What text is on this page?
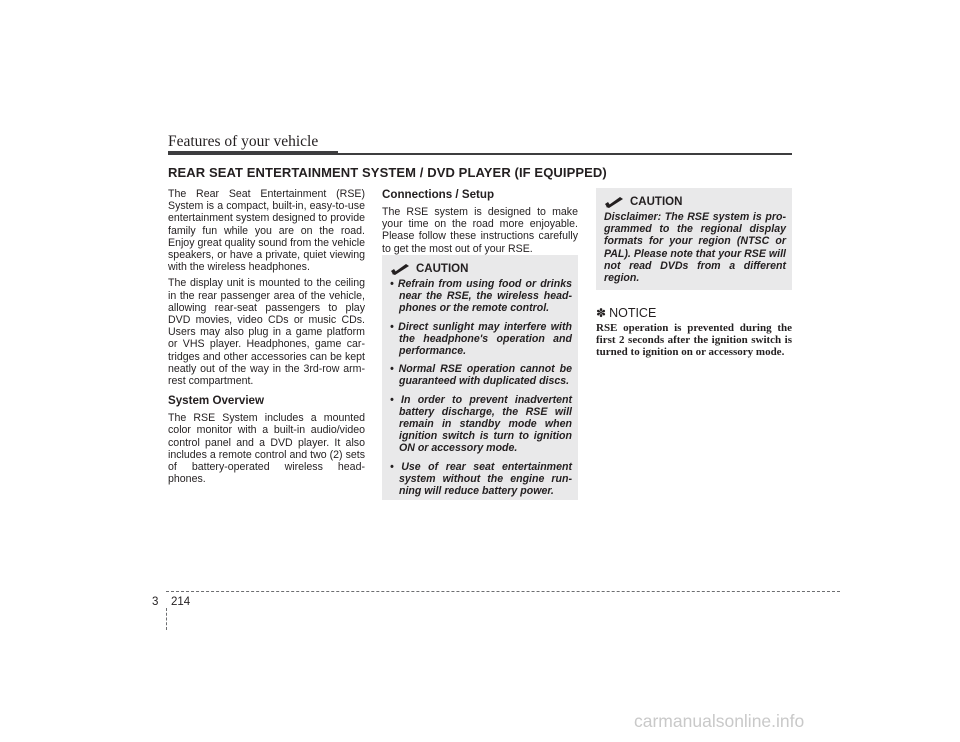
Features of your vehicle
REAR SEAT ENTERTAINMENT SYSTEM / DVD PLAYER (IF EQUIPPED)

The Rear Seat Entertainment (RSE) System is a compact, built-in, easy-to-use entertainment system designed to provide family fun while you are on the road. Enjoy great quality sound from the vehicle speakers, or have a private, quiet viewing with the wireless headphones.

The display unit is mounted to the ceiling in the rear passenger area of the vehicle, allowing rear-seat passengers to play DVD movies, video CDs or music CDs. Users may also plug in a game platform or VHS player. Headphones, game car-tridges and other accessories can be kept neatly out of the way in the 3rd-row arm-rest compartment.

System Overview

The RSE System includes a mounted color monitor with a built-in audio/video control panel and a DVD player. It also includes a remote control and two (2) sets of battery-operated wireless head-phones.

Connections / Setup

The RSE system is designed to make your time on the road more enjoyable. Please follow these instructions carefully to get the most out of your RSE.

CAUTION
• Refrain from using food or drinks near the RSE, the wireless head-phones or the remote control.
• Direct sunlight may interfere with the headphone's operation and performance.
• Normal RSE operation cannot be guaranteed with duplicated discs.
• In order to prevent inadvertent battery discharge, the RSE will remain in standby mode when ignition switch is turn to ignition ON or accessory mode.
• Use of rear seat entertainment system without the engine run-ning will reduce battery power.
CAUTION

Disclaimer: The RSE system is pro-grammed to the regional display formats for your region (NTSC or PAL). Please note that your RSE will not read DVDs from a different region.

✽ NOTICE

RSE operation is prevented during the first 2 seconds after the ignition switch is turned to ignition on or accessory mode.

3 214
carmanualsonline.info
